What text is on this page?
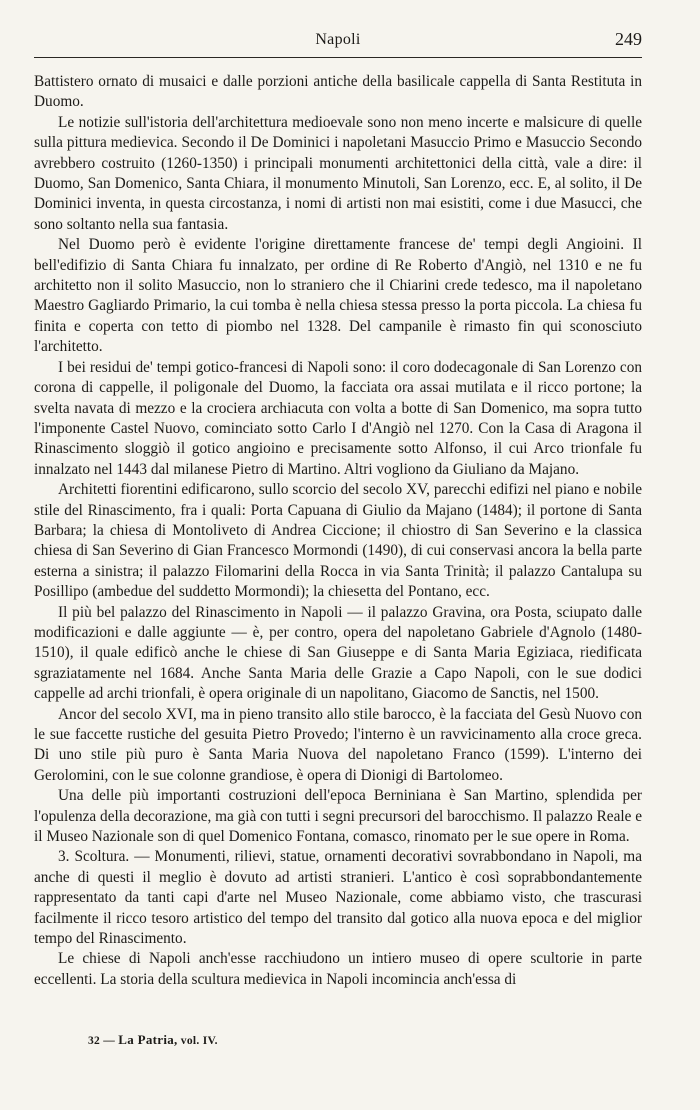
Napoli	249

Battistero ornato di musaici e dalle porzioni antiche della basilicale cappella di Santa Restituta in Duomo.

Le notizie sull'istoria dell'architettura medioevale sono non meno incerte e malsicure di quelle sulla pittura medievica. Secondo il De Dominici i napoletani Masuccio Primo e Masuccio Secondo avrebbero costruito (1260-1350) i principali monumenti architettonici della città, vale a dire: il Duomo, San Domenico, Santa Chiara, il monumento Minutoli, San Lorenzo, ecc. E, al solito, il De Dominici inventa, in questa circostanza, i nomi di artisti non mai esistiti, come i due Masucci, che sono soltanto nella sua fantasia.

Nel Duomo però è evidente l'origine direttamente francese de' tempi degli Angioini. Il bell'edifizio di Santa Chiara fu innalzato, per ordine di Re Roberto d'Angiò, nel 1310 e ne fu architetto non il solito Masuccio, non lo straniero che il Chiarini crede tedesco, ma il napoletano Maestro Gagliardo Primario, la cui tomba è nella chiesa stessa presso la porta piccola. La chiesa fu finita e coperta con tetto di piombo nel 1328. Del campanile è rimasto fin qui sconosciuto l'architetto.

I bei residui de' tempi gotico-francesi di Napoli sono: il coro dodecagonale di San Lorenzo con corona di cappelle, il poligonale del Duomo, la facciata ora assai mutilata e il ricco portone; la svelta navata di mezzo e la crociera archiacuta con volta a botte di San Domenico, ma sopra tutto l'imponente Castel Nuovo, cominciato sotto Carlo I d'Angiò nel 1270. Con la Casa di Aragona il Rinascimento sloggiò il gotico angioino e precisamente sotto Alfonso, il cui Arco trionfale fu innalzato nel 1443 dal milanese Pietro di Martino. Altri vogliono da Giuliano da Majano.

Architetti fiorentini edificarono, sullo scorcio del secolo XV, parecchi edifizi nel piano e nobile stile del Rinascimento, fra i quali: Porta Capuana di Giulio da Majano (1484); il portone di Santa Barbara; la chiesa di Montoliveto di Andrea Ciccione; il chiostro di San Severino e la classica chiesa di San Severino di Gian Francesco Mormondi (1490), di cui conservasi ancora la bella parte esterna a sinistra; il palazzo Filomarini della Rocca in via Santa Trinità; il palazzo Cantalupa su Posillipo (ambedue del suddetto Mormondi); la chiesetta del Pontano, ecc.

Il più bel palazzo del Rinascimento in Napoli — il palazzo Gravina, ora Posta, sciupato dalle modificazioni e dalle aggiunte — è, per contro, opera del napoletano Gabriele d'Agnolo (1480-1510), il quale edificò anche le chiese di San Giuseppe e di Santa Maria Egiziaca, riedificata sgraziatamente nel 1684. Anche Santa Maria delle Grazie a Capo Napoli, con le sue dodici cappelle ad archi trionfali, è opera originale di un napolitano, Giacomo de Sanctis, nel 1500.

Ancor del secolo XVI, ma in pieno transito allo stile barocco, è la facciata del Gesù Nuovo con le sue faccette rustiche del gesuita Pietro Provedo; l'interno è un ravvicinamento alla croce greca. Di uno stile più puro è Santa Maria Nuova del napoletano Franco (1599). L'interno dei Gerolomini, con le sue colonne grandiose, è opera di Dionigi di Bartolomeo.

Una delle più importanti costruzioni dell'epoca Berniniana è San Martino, splendida per l'opulenza della decorazione, ma già con tutti i segni precursori del barocchismo. Il palazzo Reale e il Museo Nazionale son di quel Domenico Fontana, comasco, rinomato per le sue opere in Roma.

3. Scoltura. — Monumenti, rilievi, statue, ornamenti decorativi sovrabbondano in Napoli, ma anche di questi il meglio è dovuto ad artisti stranieri. L'antico è così soprabbondantemente rappresentato da tanti capi d'arte nel Museo Nazionale, come abbiamo visto, che trascurasi facilmente il ricco tesoro artistico del tempo del transito dal gotico alla nuova epoca e del miglior tempo del Rinascimento.

Le chiese di Napoli anch'esse racchiudono un intiero museo di opere scultorie in parte eccellenti. La storia della scultura medievica in Napoli incomincia anch'essa di

32 — La Patria, vol. IV.
